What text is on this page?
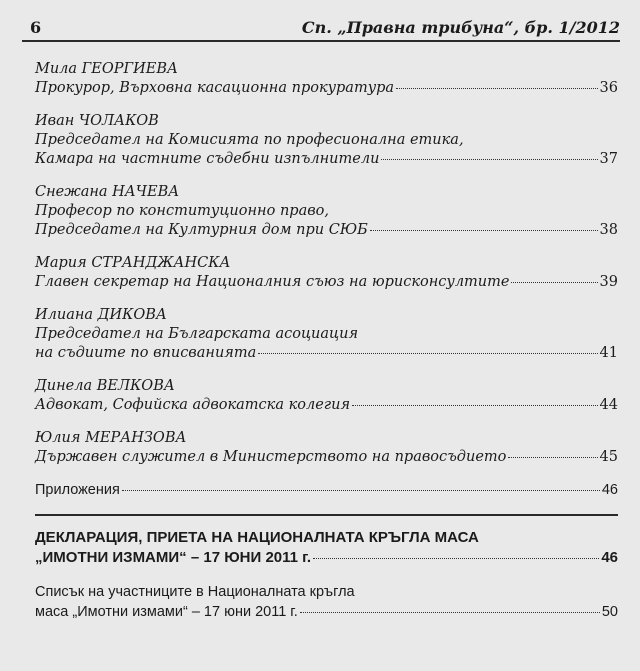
6	Сп. „Правна трибуна“, бр. 1/2012
Мила ГЕОРГИЕВА
Прокурор, Върховна касационна прокуратура	36
Иван ЧОЛАКОВ
Председател на Комисията по професионална етика,
Камара на частните съдебни изпълнители	37
Снежана НАЧЕВА
Професор по конституционно право,
Председател на Културния дом при СЮБ	38
Мария СТРАНДЖАНСКА
Главен секретар на Националния съюз на юрисконсултите	39
Илиана ДИКОВА
Председател на Българската асоциация
на съдиите по вписванията	41
Динела ВЕЛКОВА
Адвокат, Софийска адвокатска колегия	44
Юлия МЕРАНЗОВА
Държавен служител в Министерството на правосъдието	45
Приложения	46
ДЕКЛАРАЦИЯ, ПРИЕТА НА НАЦИОНАЛНАТА КРЪГЛА МАСА
„ИМОТНИ ИЗМАМИ“ – 17 ЮНИ 2011 г.	46
Списък на участниците в Националната кръгла
маса „Имотни измами“ – 17 юни 2011 г.	50
